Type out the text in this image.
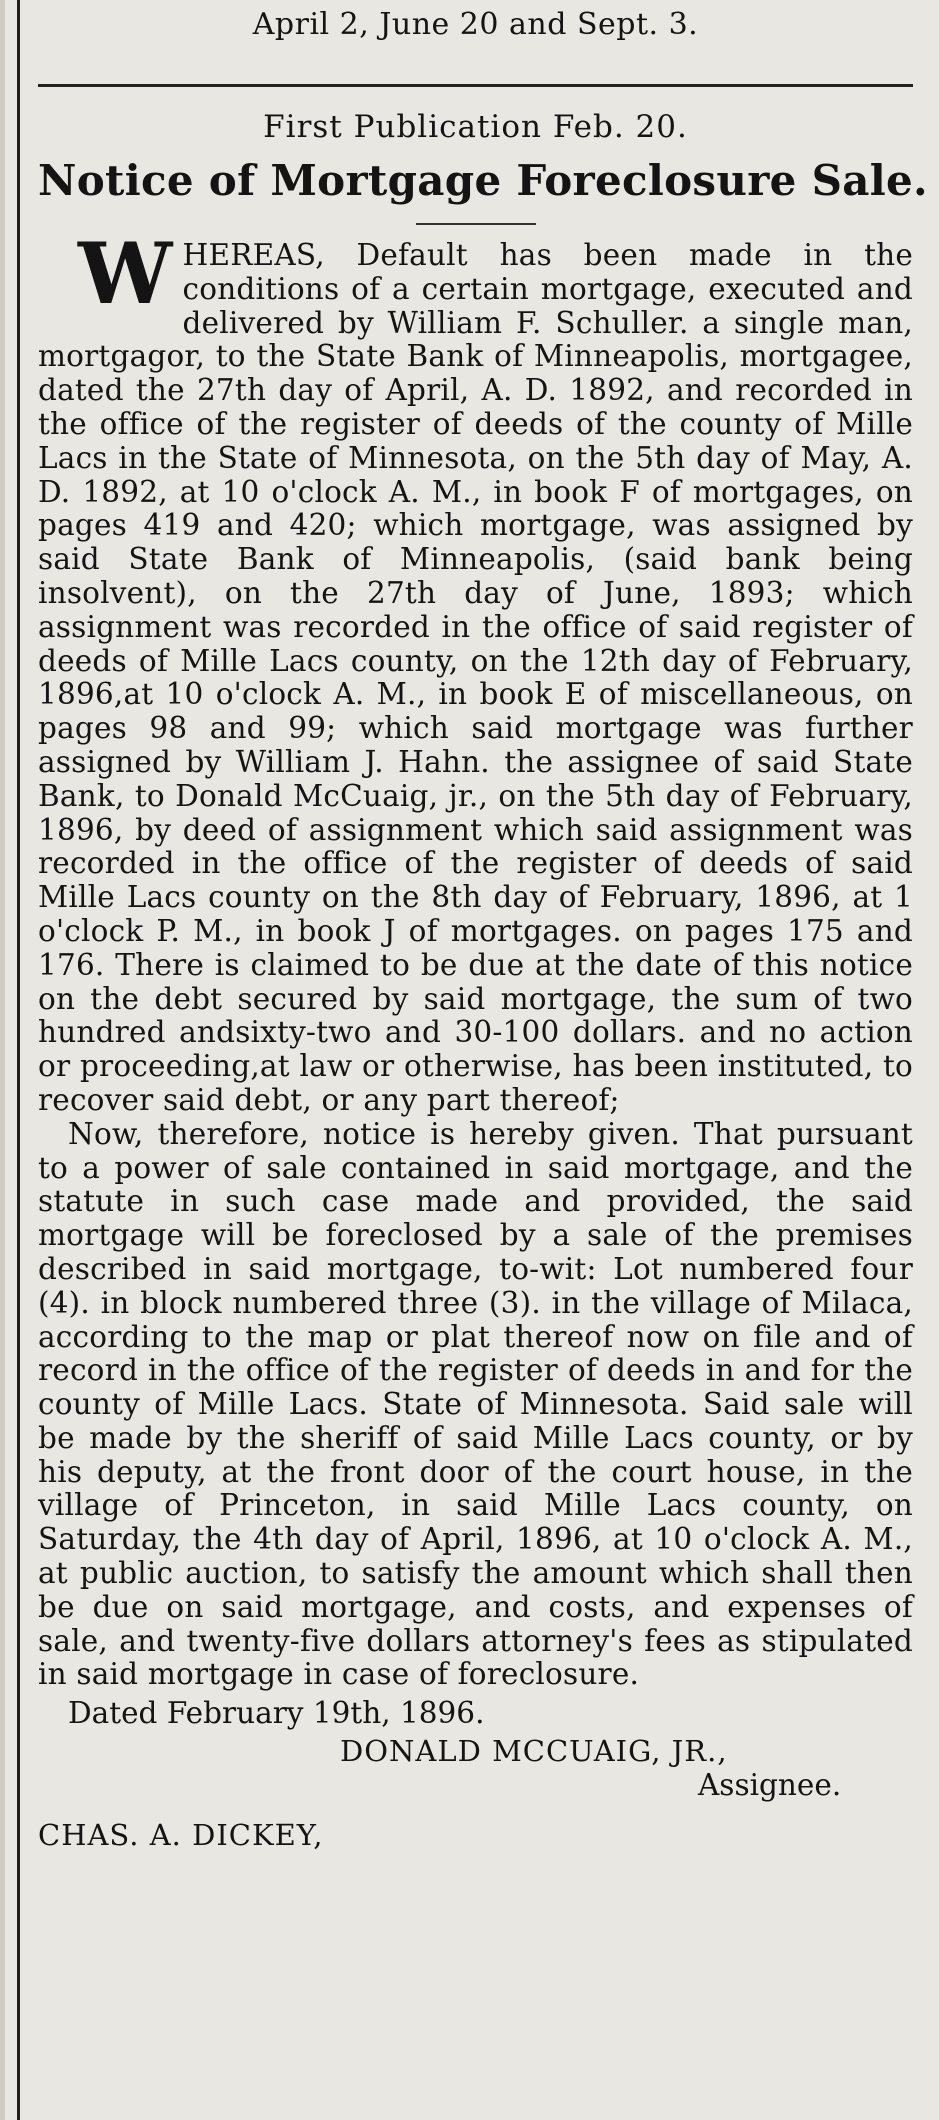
April 2, June 20 and Sept. 3.
First Publication Feb. 20.
Notice of Mortgage Foreclosure Sale.

WHEREAS, Default has been made in the conditions of a certain mortgage, executed and delivered by William F. Schuller. a single man, mortgagor, to the State Bank of Minneapolis, mortgagee, dated the 27th day of April, A. D. 1892, and recorded in the office of the register of deeds of the county of Mille Lacs in the State of Minnesota, on the 5th day of May, A. D. 1892, at 10 o'clock A. M., in book F of mortgages, on pages 419 and 420; which mortgage, was assigned by said State Bank of Minneapolis, (said bank being insolvent), on the 27th day of June, 1893; which assignment was recorded in the office of said register of deeds of Mille Lacs county, on the 12th day of February, 1896,at 10 o'clock A. M., in book E of miscellaneous, on pages 98 and 99; which said mortgage was further assigned by William J. Hahn. the assignee of said State Bank, to Donald McCuaig, jr., on the 5th day of February, 1896, by deed of assignment which said assignment was recorded in the office of the register of deeds of said Mille Lacs county on the 8th day of February, 1896, at 1 o'clock P. M., in book J of mortgages. on pages 175 and 176. There is claimed to be due at the date of this notice on the debt secured by said mortgage, the sum of two hundred andsixty-two and 30-100 dollars. and no action or proceeding,at law or otherwise, has been instituted, to recover said debt, or any part thereof;

Now, therefore, notice is hereby given. That pursuant to a power of sale contained in said mortgage, and the statute in such case made and provided, the said mortgage will be foreclosed by a sale of the premises described in said mortgage, to-wit: Lot numbered four (4). in block numbered three (3). in the village of Milaca, according to the map or plat thereof now on file and of record in the office of the register of deeds in and for the county of Mille Lacs. State of Minnesota. Said sale will be made by the sheriff of said Mille Lacs county, or by his deputy, at the front door of the court house, in the village of Princeton, in said Mille Lacs county, on Saturday, the 4th day of April, 1896, at 10 o'clock A. M., at public auction, to satisfy the amount which shall then be due on said mortgage, and costs, and expenses of sale, and twenty-five dollars attorney's fees as stipulated in said mortgage in case of foreclosure.

Dated February 19th, 1896.
DONALD MCCUAIG, JR.,
Assignee.
CHAS. A. DICKEY,
